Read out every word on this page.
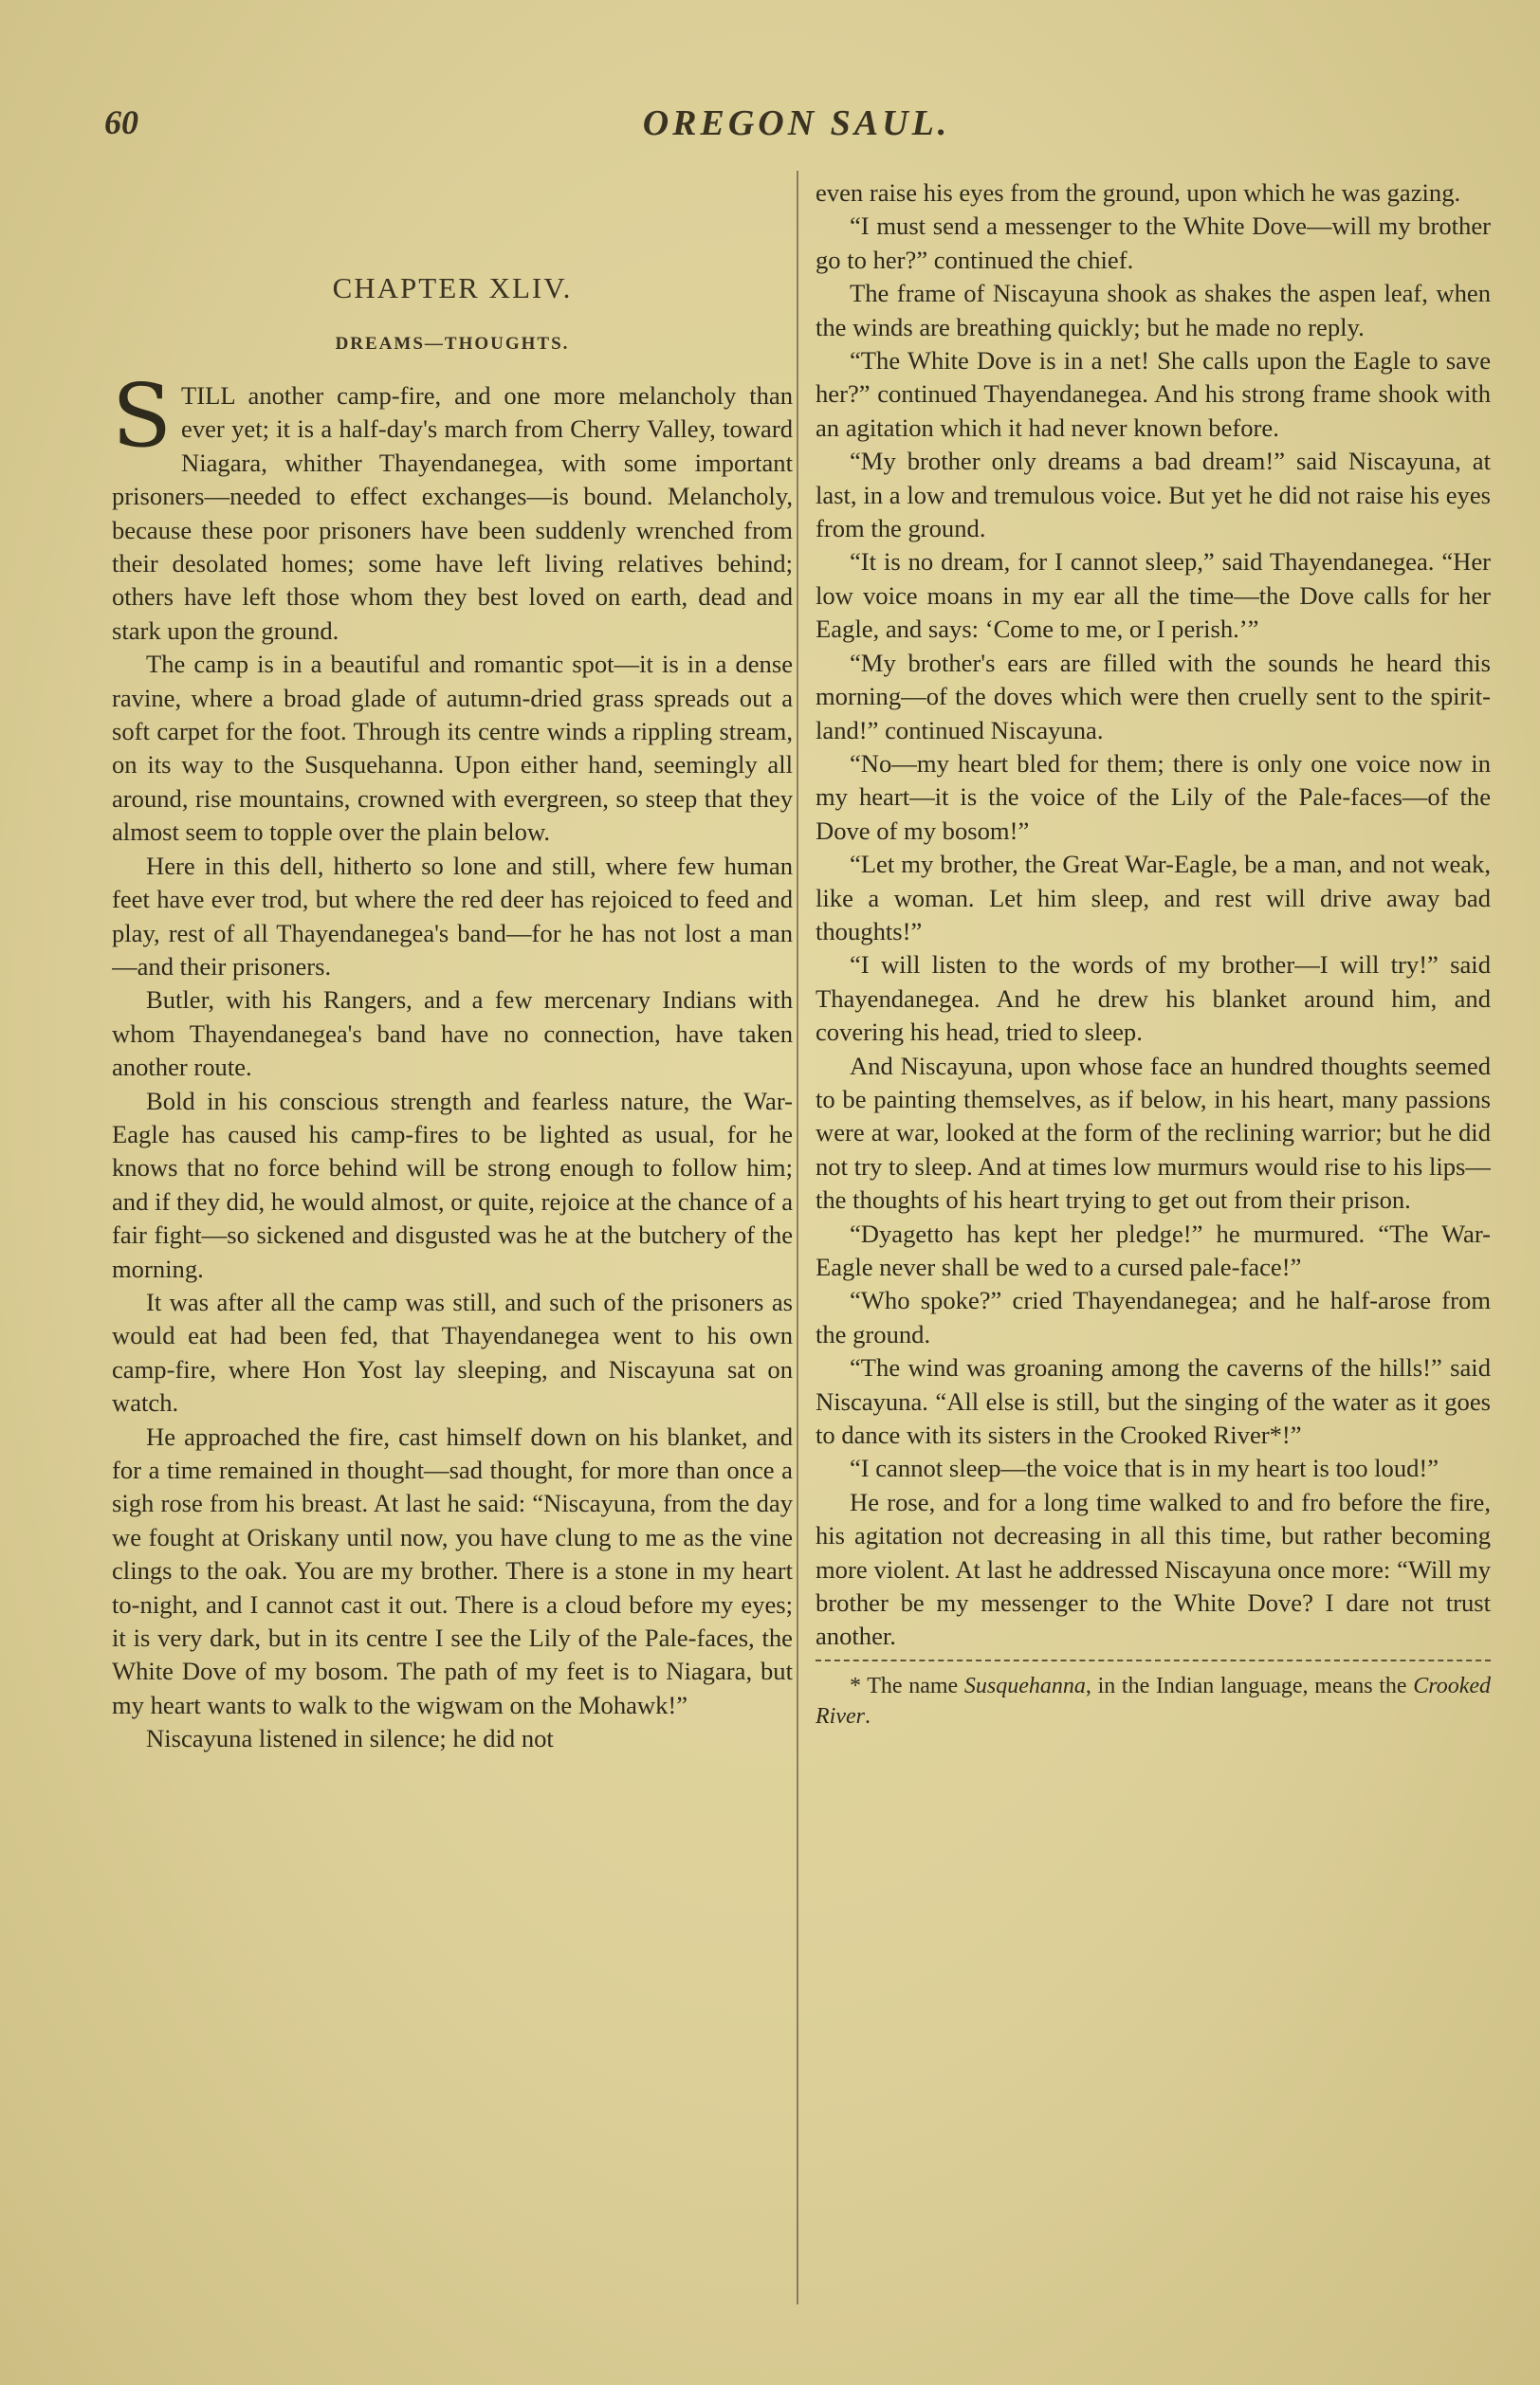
60	OREGON SAUL.
CHAPTER XLIV.
DREAMS—THOUGHTS.

STILL another camp-fire, and one more melancholy than ever yet; it is a half-day's march from Cherry Valley, toward Niagara, whither Thayendanegea, with some important prisoners—needed to effect exchanges—is bound. Melancholy, because these poor prisoners have been suddenly wrenched from their desolated homes; some have left living relatives behind; others have left those whom they best loved on earth, dead and stark upon the ground.

The camp is in a beautiful and romantic spot—it is in a dense ravine, where a broad glade of autumn-dried grass spreads out a soft carpet for the foot. Through its centre winds a rippling stream, on its way to the Susquehanna. Upon either hand, seemingly all around, rise mountains, crowned with evergreen, so steep that they almost seem to topple over the plain below.

Here in this dell, hitherto so lone and still, where few human feet have ever trod, but where the red deer has rejoiced to feed and play, rest of all Thayendanegea's band—for he has not lost a man—and their prisoners.

Butler, with his Rangers, and a few mercenary Indians with whom Thayendanegea's band have no connection, have taken another route.

Bold in his conscious strength and fearless nature, the War-Eagle has caused his camp-fires to be lighted as usual, for he knows that no force behind will be strong enough to follow him; and if they did, he would almost, or quite, rejoice at the chance of a fair fight—so sickened and disgusted was he at the butchery of the morning.

It was after all the camp was still, and such of the prisoners as would eat had been fed, that Thayendanegea went to his own camp-fire, where Hon Yost lay sleeping, and Niscayuna sat on watch.

He approached the fire, cast himself down on his blanket, and for a time remained in thought—sad thought, for more than once a sigh rose from his breast. At last he said: “Niscayuna, from the day we fought at Oriskany until now, you have clung to me as the vine clings to the oak. You are my brother. There is a stone in my heart to-night, and I cannot cast it out. There is a cloud before my eyes; it is very dark, but in its centre I see the Lily of the Pale-faces, the White Dove of my bosom. The path of my feet is to Niagara, but my heart wants to walk to the wigwam on the Mohawk!”

Niscayuna listened in silence; he did not

even raise his eyes from the ground, upon which he was gazing.

“I must send a messenger to the White Dove—will my brother go to her?” continued the chief.

The frame of Niscayuna shook as shakes the aspen leaf, when the winds are breathing quickly; but he made no reply.

“The White Dove is in a net! She calls upon the Eagle to save her?” continued Thayendanegea. And his strong frame shook with an agitation which it had never known before.

“My brother only dreams a bad dream!” said Niscayuna, at last, in a low and tremulous voice. But yet he did not raise his eyes from the ground.

“It is no dream, for I cannot sleep,” said Thayendanegea. “Her low voice moans in my ear all the time—the Dove calls for her Eagle, and says: ‘Come to me, or I perish.’”

“My brother's ears are filled with the sounds he heard this morning—of the doves which were then cruelly sent to the spirit-land!” continued Niscayuna.

“No—my heart bled for them; there is only one voice now in my heart—it is the voice of the Lily of the Pale-faces—of the Dove of my bosom!”

“Let my brother, the Great War-Eagle, be a man, and not weak, like a woman. Let him sleep, and rest will drive away bad thoughts!”

“I will listen to the words of my brother—I will try!” said Thayendanegea. And he drew his blanket around him, and covering his head, tried to sleep.

And Niscayuna, upon whose face an hundred thoughts seemed to be painting themselves, as if below, in his heart, many passions were at war, looked at the form of the reclining warrior; but he did not try to sleep. And at times low murmurs would rise to his lips—the thoughts of his heart trying to get out from their prison.

“Dyagetto has kept her pledge!” he murmured. “The War-Eagle never shall be wed to a cursed pale-face!”

“Who spoke?” cried Thayendanegea; and he half-arose from the ground.

“The wind was groaning among the caverns of the hills!” said Niscayuna. “All else is still, but the singing of the water as it goes to dance with its sisters in the Crooked River*!”

“I cannot sleep—the voice that is in my heart is too loud!”

He rose, and for a long time walked to and fro before the fire, his agitation not decreasing in all this time, but rather becoming more violent. At last he addressed Niscayuna once more: “Will my brother be my messenger to the White Dove? I dare not trust another.

* The name Susquehanna, in the Indian language, means the Crooked River.
